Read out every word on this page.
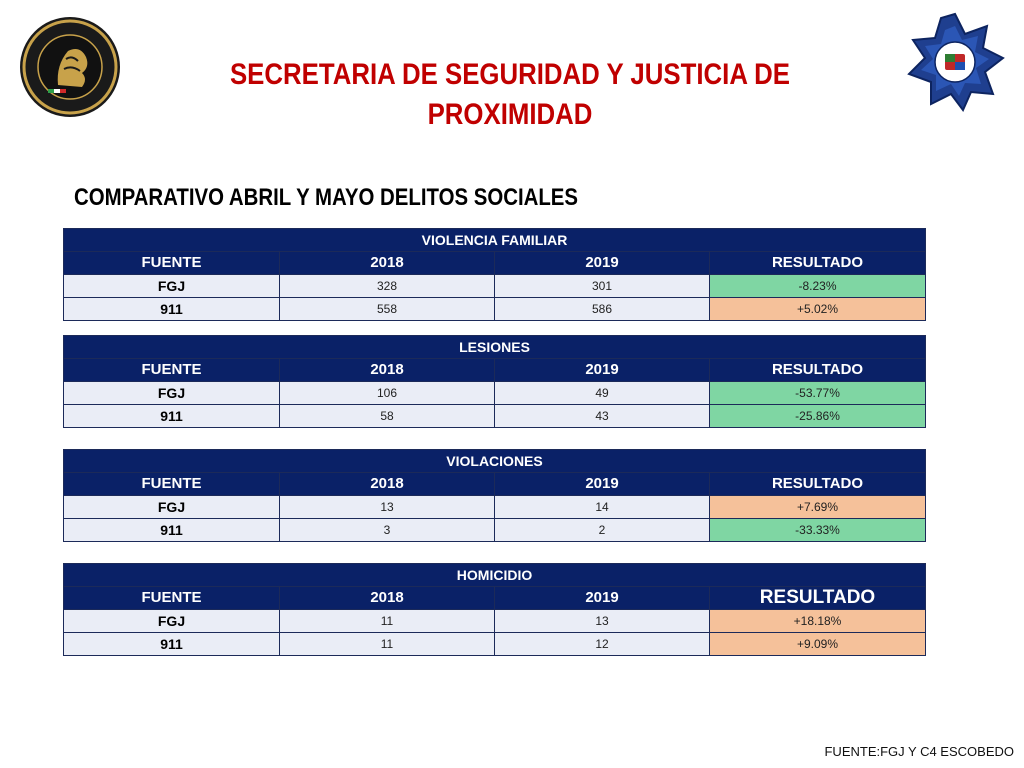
SECRETARIA DE SEGURIDAD Y JUSTICIA DE PROXIMIDAD
COMPARATIVO ABRIL Y MAYO DELITOS SOCIALES
VIOLENCIA FAMILIAR			
FUENTE	2018	2019	RESULTADO
FGJ	328	301	-8.23%
911	558	586	+5.02%
LESIONES			
FUENTE	2018	2019	RESULTADO
FGJ	106	49	-53.77%
911	58	43	-25.86%
VIOLACIONES			
FUENTE	2018	2019	RESULTADO
FGJ	13	14	+7.69%
911	3	2	-33.33%
HOMICIDIO			
FUENTE	2018	2019	RESULTADO
FGJ	11	13	+18.18%
911	11	12	+9.09%
FUENTE:FGJ Y C4 ESCOBEDO
